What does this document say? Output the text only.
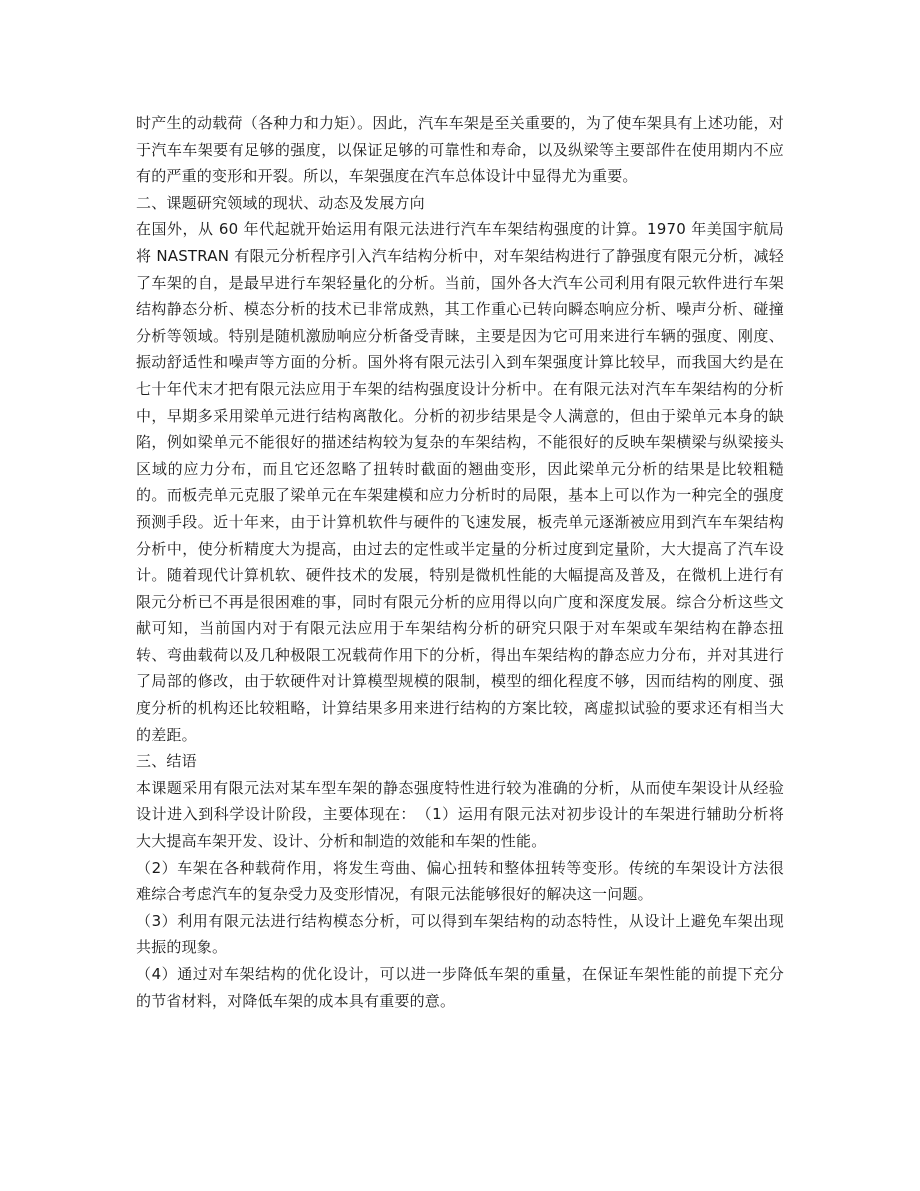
时产生的动载荷（各种力和力矩）。因此，汽车车架是至关重要的，为了使车架具有上述功能，对于汽车车架要有足够的强度，以保证足够的可靠性和寿命，以及纵梁等主要部件在使用期内不应有的严重的变形和开裂。所以，车架强度在汽车总体设计中显得尤为重要。

二、课题研究领域的现状、动态及发展方向

在国外，从 60 年代起就开始运用有限元法进行汽车车架结构强度的计算。1970 年美国宇航局将 NASTRAN 有限元分析程序引入汽车结构分析中，对车架结构进行了静强度有限元分析，减轻了车架的自，是最早进行车架轻量化的分析。当前，国外各大汽车公司利用有限元软件进行车架结构静态分析、模态分析的技术已非常成熟，其工作重心已转向瞬态响应分析、噪声分析、碰撞分析等领域。特别是随机激励响应分析备受青睐，主要是因为它可用来进行车辆的强度、刚度、振动舒适性和噪声等方面的分析。国外将有限元法引入到车架强度计算比较早，而我国大约是在七十年代末才把有限元法应用于车架的结构强度设计分析中。在有限元法对汽车车架结构的分析中，早期多采用梁单元进行结构离散化。分析的初步结果是令人满意的，但由于梁单元本身的缺陷，例如梁单元不能很好的描述结构较为复杂的车架结构，不能很好的反映车架横梁与纵梁接头区域的应力分布，而且它还忽略了扭转时截面的翘曲变形，因此梁单元分析的结果是比较粗糙的。而板壳单元克服了梁单元在车架建模和应力分析时的局限，基本上可以作为一种完全的强度预测手段。近十年来，由于计算机软件与硬件的飞速发展，板壳单元逐渐被应用到汽车车架结构分析中，使分析精度大为提高，由过去的定性或半定量的分析过度到定量阶，大大提高了汽车设计。随着现代计算机软、硬件技术的发展，特别是微机性能的大幅提高及普及，在微机上进行有限元分析已不再是很困难的事，同时有限元分析的应用得以向广度和深度发展。综合分析这些文献可知，当前国内对于有限元法应用于车架结构分析的研究只限于对车架或车架结构在静态扭转、弯曲载荷以及几种极限工况载荷作用下的分析，得出车架结构的静态应力分布，并对其进行了局部的修改，由于软硬件对计算模型规模的限制，模型的细化程度不够，因而结构的刚度、强度分析的机构还比较粗略，计算结果多用来进行结构的方案比较，离虚拟试验的要求还有相当大的差距。

三、结语

本课题采用有限元法对某车型车架的静态强度特性进行较为准确的分析，从而使车架设计从经验设计进入到科学设计阶段，主要体现在：　（1）运用有限元法对初步设计的车架进行辅助分析将大大提高车架开发、设计、分析和制造的效能和车架的性能。

（2）车架在各种载荷作用，将发生弯曲、偏心扭转和整体扭转等变形。传统的车架设计方法很难综合考虑汽车的复杂受力及变形情况，有限元法能够很好的解决这一问题。

（3）利用有限元法进行结构模态分析，可以得到车架结构的动态特性，从设计上避免车架出现共振的现象。

（4）通过对车架结构的优化设计，可以进一步降低车架的重量，在保证车架性能的前提下充分的节省材料，对降低车架的成本具有重要的意。
